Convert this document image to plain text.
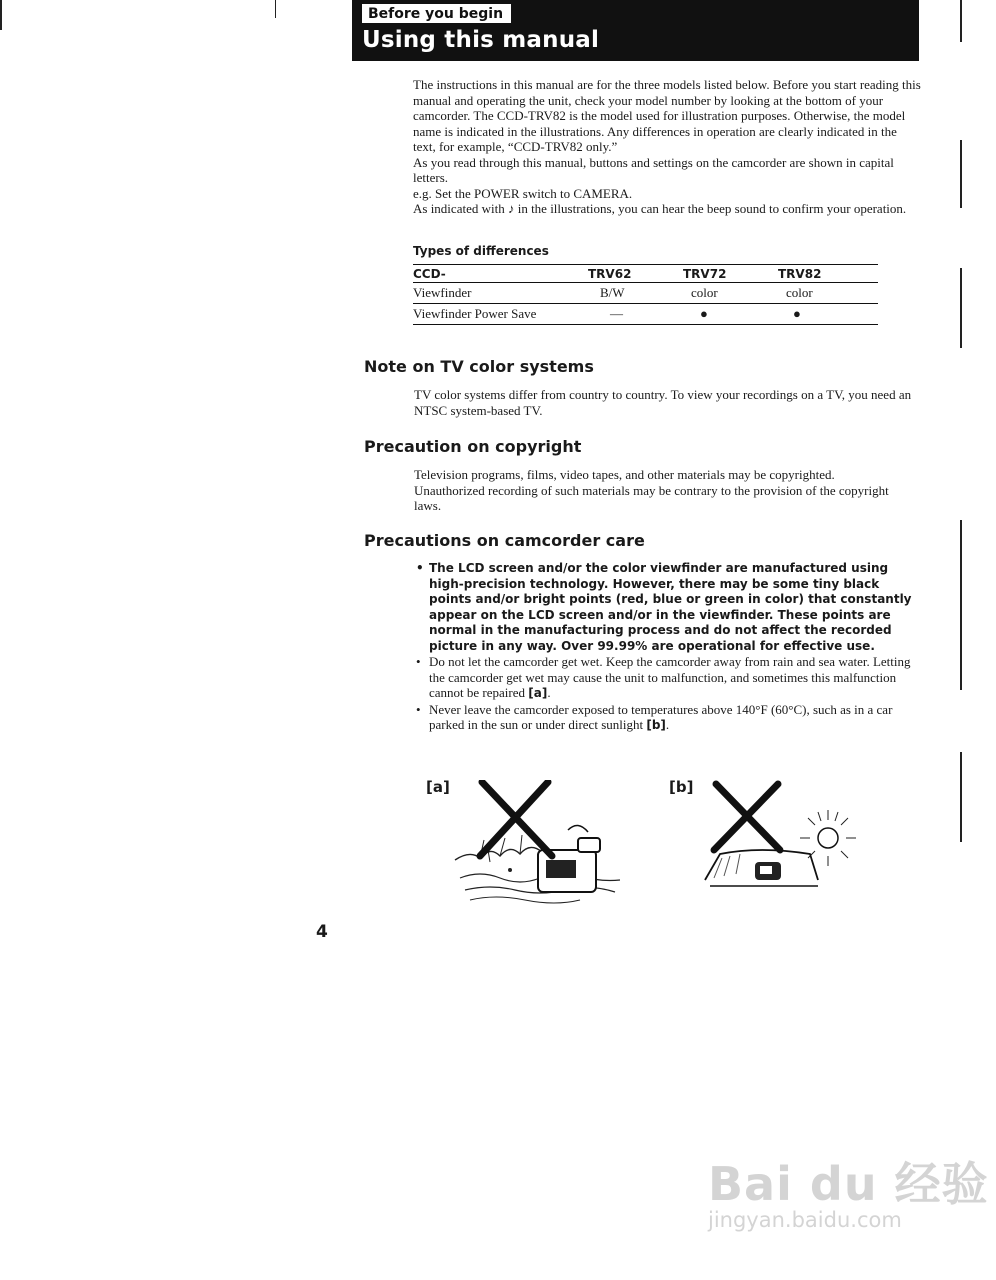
Before you begin
Using this manual

The instructions in this manual are for the three models listed below. Before you start reading this manual and operating the unit, check your model number by looking at the bottom of your camcorder. The CCD-TRV82 is the model used for illustration purposes. Otherwise, the model name is indicated in the illustrations. Any differences in operation are clearly indicated in the text, for example, “CCD-TRV82 only.”

As you read through this manual, buttons and settings on the camcorder are shown in capital letters.

e.g. Set the POWER switch to CAMERA.

As indicated with ♪ in the illustrations, you can hear the beep sound to confirm your operation.

Types of differences
CCD-	TRV62	TRV72	TRV82
Viewfinder	B/W	color	color
Viewfinder Power Save	—	●	●
Note on TV color systems
TV color systems differ from country to country. To view your recordings on a TV, you need an NTSC system-based TV.
Precaution on copyright
Television programs, films, video tapes, and other materials may be copyrighted. Unauthorized recording of such materials may be contrary to the provision of the copyright laws.
Precautions on camcorder care
• The LCD screen and/or the color viewfinder are manufactured using high-precision technology. However, there may be some tiny black points and/or bright points (red, blue or green in color) that constantly appear on the LCD screen and/or in the viewfinder. These points are normal in the manufacturing process and do not affect the recorded picture in any way. Over 99.99% are operational for effective use.
• Do not let the camcorder get wet. Keep the camcorder away from rain and sea water. Letting the camcorder get wet may cause the unit to malfunction, and sometimes this malfunction cannot be repaired [a].
• Never leave the camcorder exposed to temperatures above 140°F (60°C), such as in a car parked in the sun or under direct sunlight [b].
[a]	[b]
4
Bai du 经验
jingyan.baidu.com
